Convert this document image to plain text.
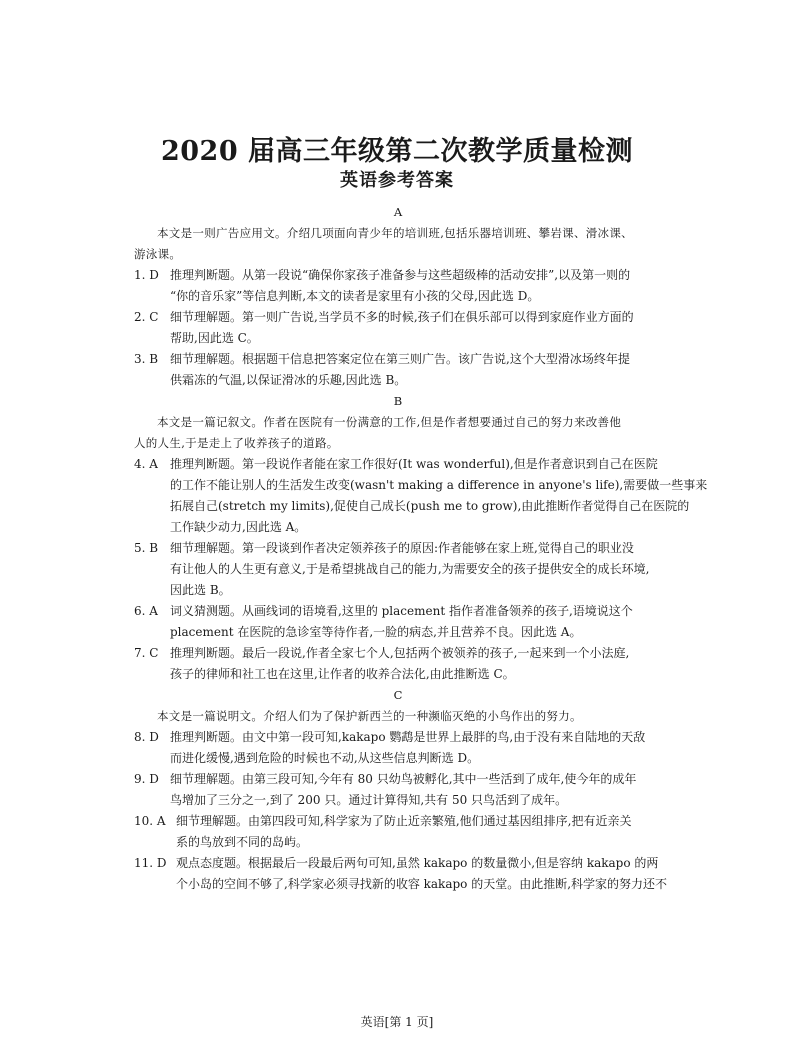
2020 届高三年级第二次教学质量检测
英语参考答案
A
本文是一则广告应用文。介绍几项面向青少年的培训班,包括乐器培训班、攀岩课、滑冰课、
游泳课。
1. D 推理判断题。从第一段说“确保你家孩子准备参与这些超级棒的活动安排”,以及第一则的
“你的音乐家”等信息判断,本文的读者是家里有小孩的父母,因此选 D。
2. C 细节理解题。第一则广告说,当学员不多的时候,孩子们在俱乐部可以得到家庭作业方面的
帮助,因此选 C。
3. B 细节理解题。根据题干信息把答案定位在第三则广告。该广告说,这个大型滑冰场终年提
供霜冻的气温,以保证滑冰的乐趣,因此选 B。
B
本文是一篇记叙文。作者在医院有一份满意的工作,但是作者想要通过自己的努力来改善他
人的人生,于是走上了收养孩子的道路。
4. A	推理判断题。第一段说作者能在家工作很好(It was wonderful),但是作者意识到自己在医院
的工作不能让别人的生活发生改变(wasn't making a difference in anyone's life),需要做一些事来
拓展自己(stretch my limits),促使自己成长(push me to grow),由此推断作者觉得自己在医院的
工作缺少动力,因此选 A。
5. B 细节理解题。第一段谈到作者决定领养孩子的原因:作者能够在家上班,觉得自己的职业没
有让他人的人生更有意义,于是希望挑战自己的能力,为需要安全的孩子提供安全的成长环境,
因此选 B。
6. A	词义猜测题。从画线词的语境看,这里的 placement 指作者准备领养的孩子,语境说这个
placement 在医院的急诊室等待作者,一脸的病态,并且营养不良。因此选 A。
7. C 推理判断题。最后一段说,作者全家七个人,包括两个被领养的孩子,一起来到一个小法庭,
孩子的律师和社工也在这里,让作者的收养合法化,由此推断选 C。
C
本文是一篇说明文。介绍人们为了保护新西兰的一种濒临灭绝的小鸟作出的努力。
8. D 推理判断题。由文中第一段可知,kakapo 鹦鹉是世界上最胖的鸟,由于没有来自陆地的天敌
而进化缓慢,遇到危险的时候也不动,从这些信息判断选 D。
9. D 细节理解题。由第三段可知,今年有 80 只幼鸟被孵化,其中一些活到了成年,使今年的成年
鸟增加了三分之一,到了 200 只。通过计算得知,共有 50 只鸟活到了成年。
10. A 细节理解题。由第四段可知,科学家为了防止近亲繁殖,他们通过基因组排序,把有近亲关
系的鸟放到不同的岛屿。
11. D 观点态度题。根据最后一段最后两句可知,虽然 kakapo 的数量微小,但是容纳 kakapo 的两
个小岛的空间不够了,科学家必须寻找新的收容 kakapo 的天堂。由此推断,科学家的努力还不
英语[第 1 页]
